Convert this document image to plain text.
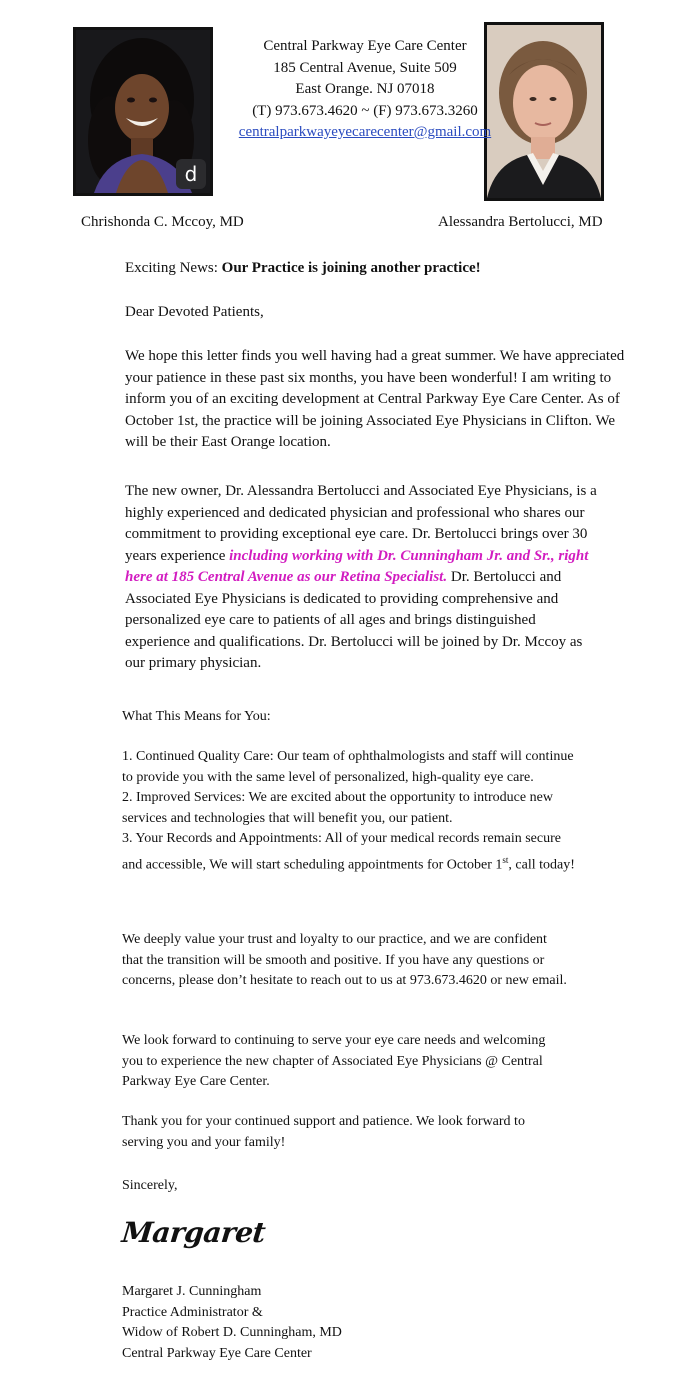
d
Central Parkway Eye Care Center
185 Central Avenue, Suite 509
East Orange. NJ 07018
(T) 973.673.4620 ~ (F) 973.673.3260
centralparkwayeyecarecenter@gmail.com
Chrishonda C. Mccoy, MD	Alessandra Bertolucci, MD
Exciting News: Our Practice is joining another practice!
Dear Devoted Patients,
We hope this letter finds you well having had a great summer. We have appreciated your patience in these past six months, you have been wonderful! I am writing to inform you of an exciting development at Central Parkway Eye Care Center. As of October 1st, the practice will be joining Associated Eye Physicians in Clifton. We will be their East Orange location.
The new owner, Dr. Alessandra Bertolucci and Associated Eye Physicians, is a highly experienced and dedicated physician and professional who shares our commitment to providing exceptional eye care. Dr. Bertolucci brings over 30 years experience including working with Dr. Cunningham Jr. and Sr., right here at 185 Central Avenue as our Retina Specialist. Dr. Bertolucci and Associated Eye Physicians is dedicated to providing comprehensive and personalized eye care to patients of all ages and brings distinguished experience and qualifications. Dr. Bertolucci will be joined by Dr. Mccoy as our primary physician.
What This Means for You:
1. Continued Quality Care: Our team of ophthalmologists and staff will continue to provide you with the same level of personalized, high-quality eye care.
2. Improved Services: We are excited about the opportunity to introduce new services and technologies that will benefit you, our patient.
3. Your Records and Appointments: All of your medical records remain secure and accessible, We will start scheduling appointments for October 1st, call today!
We deeply value your trust and loyalty to our practice, and we are confident that the transition will be smooth and positive. If you have any questions or concerns, please don’t hesitate to reach out to us at 973.673.4620 or new email.
We look forward to continuing to serve your eye care needs and welcoming you to experience the new chapter of Associated Eye Physicians @ Central Parkway Eye Care Center.
Thank you for your continued support and patience. We look forward to serving you and your family!
Sincerely,
Margaret
Margaret J. Cunningham
Practice Administrator &
Widow of Robert D. Cunningham, MD
Central Parkway Eye Care Center
